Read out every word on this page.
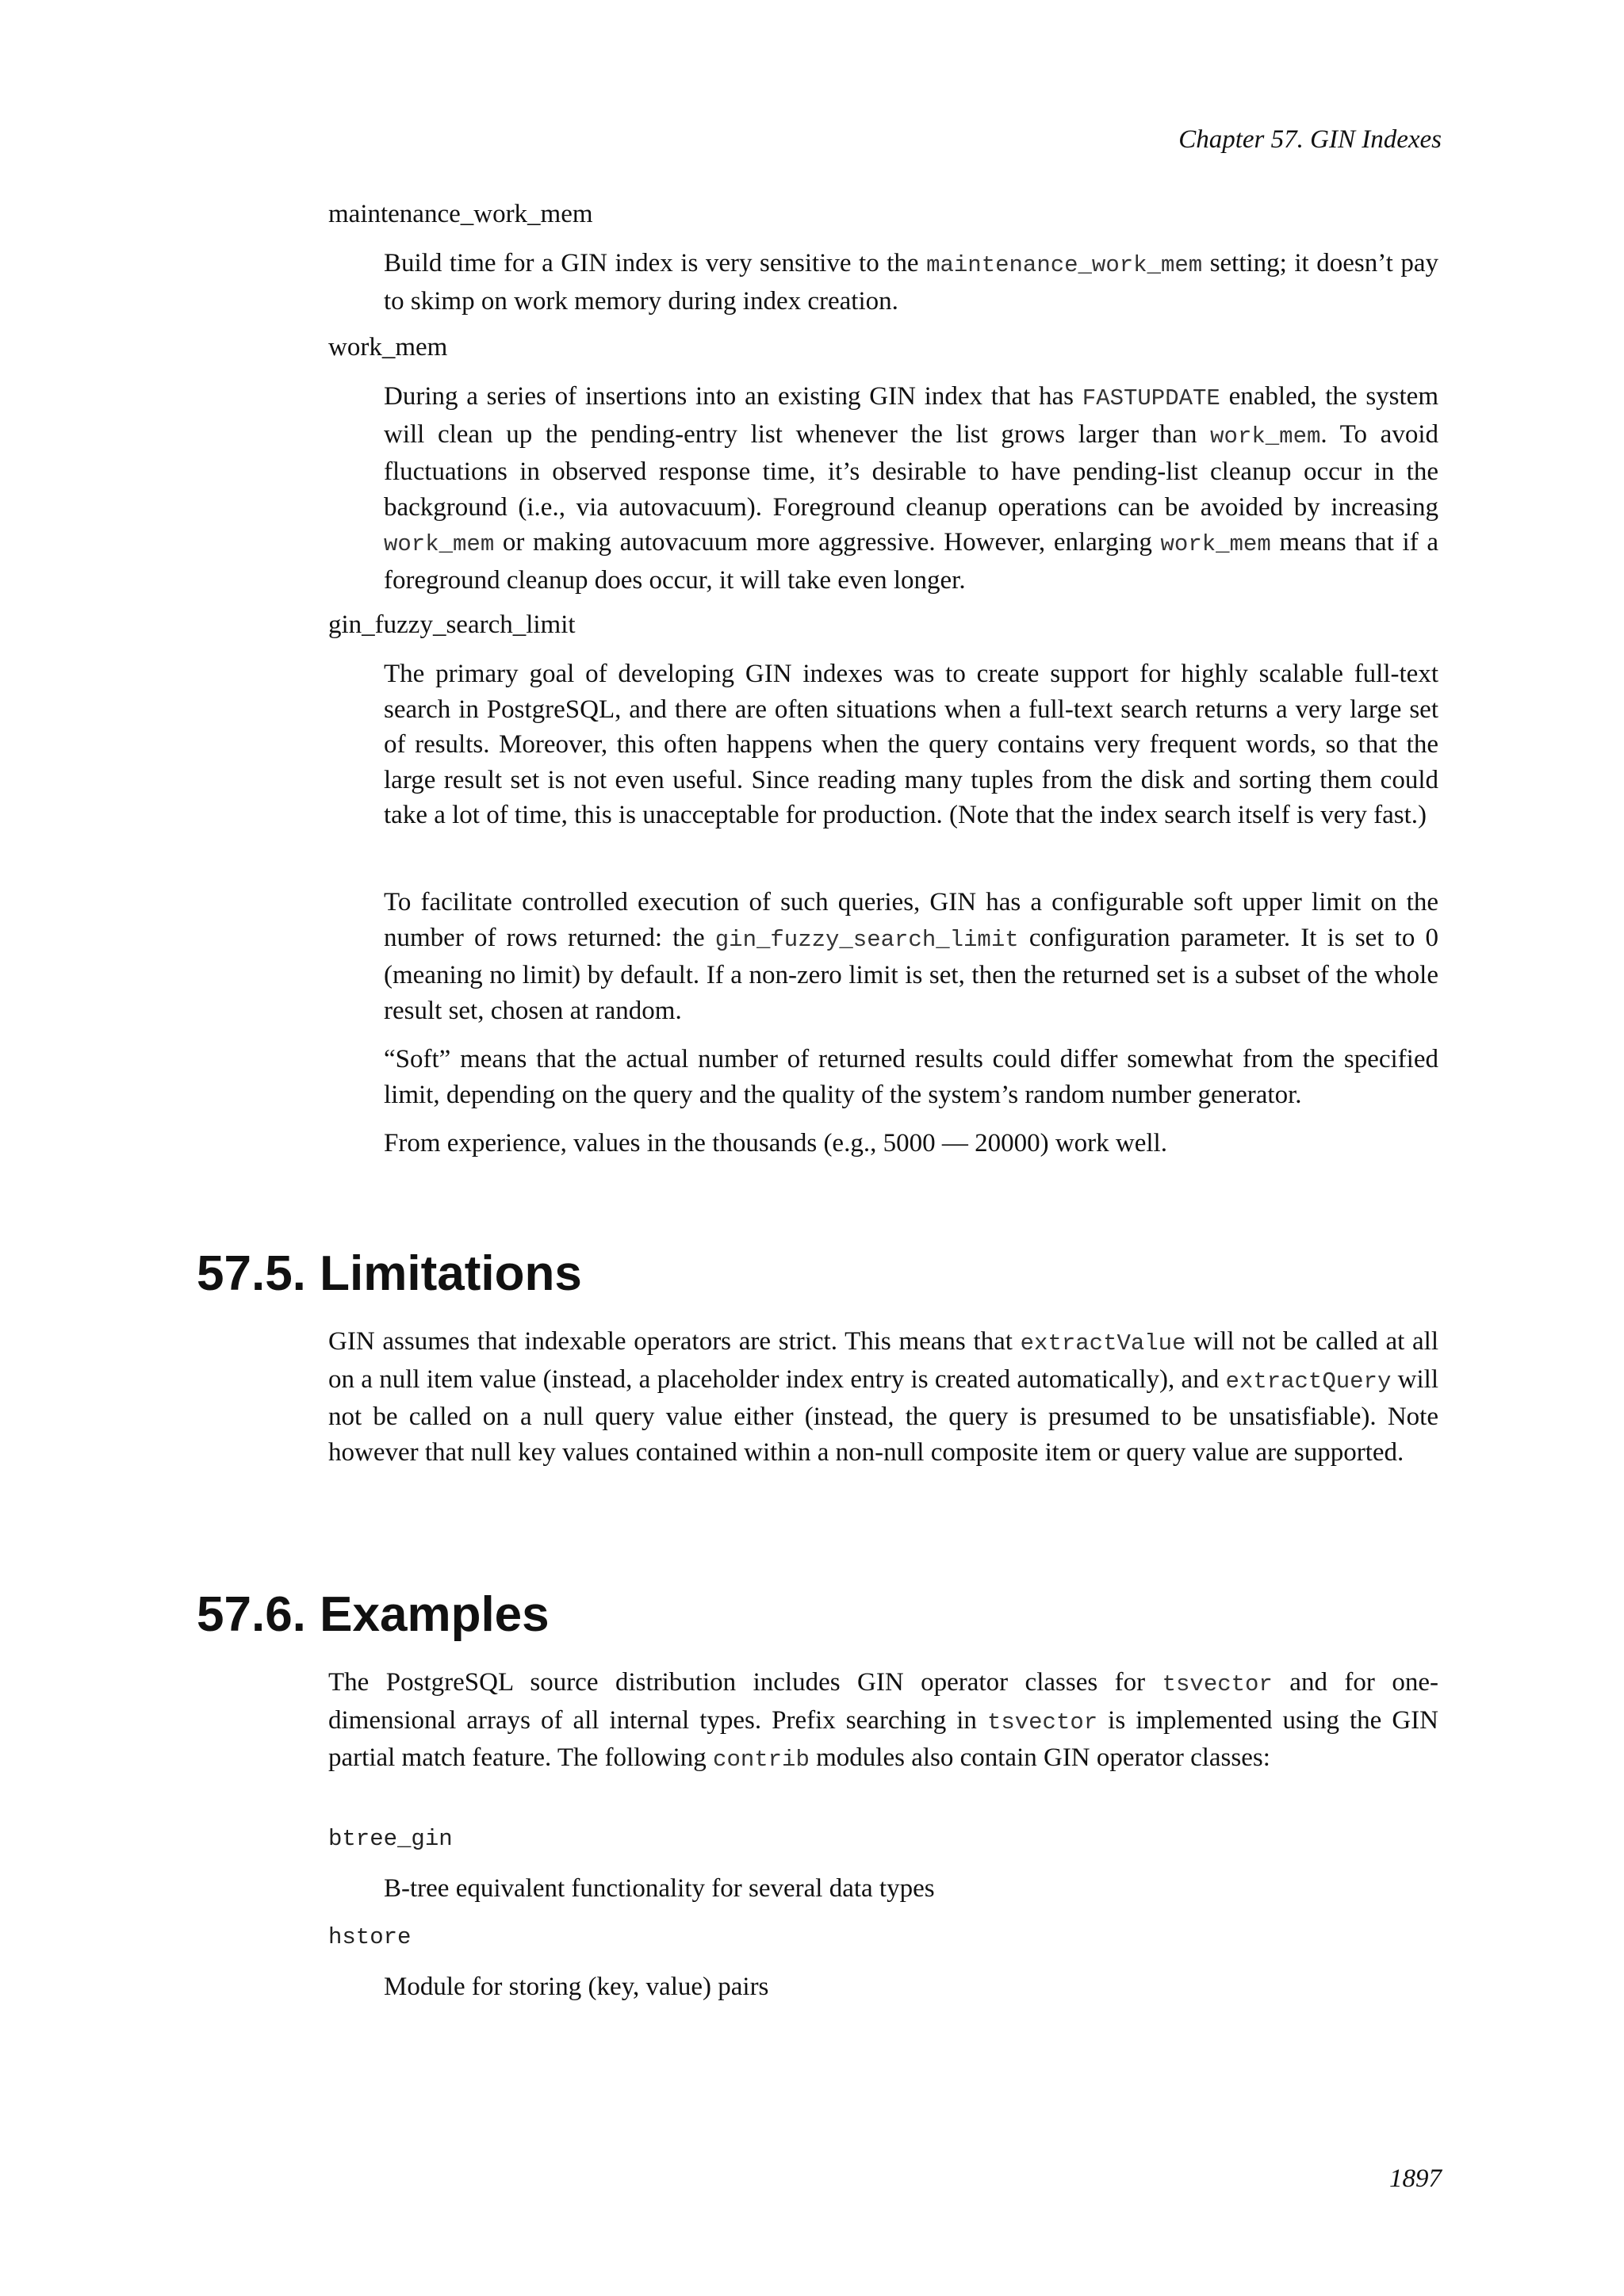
Chapter 57. GIN Indexes
maintenance_work_mem

Build time for a GIN index is very sensitive to the maintenance_work_mem setting; it doesn’t pay to skimp on work memory during index creation.

work_mem

During a series of insertions into an existing GIN index that has FASTUPDATE enabled, the system will clean up the pending-entry list whenever the list grows larger than work_mem. To avoid fluctuations in observed response time, it’s desirable to have pending-list cleanup occur in the background (i.e., via autovacuum). Foreground cleanup operations can be avoided by increasing work_mem or making autovacuum more aggressive. However, enlarging work_mem means that if a foreground cleanup does occur, it will take even longer.

gin_fuzzy_search_limit

The primary goal of developing GIN indexes was to create support for highly scalable full-text search in PostgreSQL, and there are often situations when a full-text search returns a very large set of results. Moreover, this often happens when the query contains very frequent words, so that the large result set is not even useful. Since reading many tuples from the disk and sorting them could take a lot of time, this is unacceptable for production. (Note that the index search itself is very fast.)

To facilitate controlled execution of such queries, GIN has a configurable soft upper limit on the number of rows returned: the gin_fuzzy_search_limit configuration parameter. It is set to 0 (meaning no limit) by default. If a non-zero limit is set, then the returned set is a subset of the whole result set, chosen at random.

“Soft” means that the actual number of returned results could differ somewhat from the specified limit, depending on the query and the quality of the system’s random number generator.

From experience, values in the thousands (e.g., 5000 — 20000) work well.

57.5. Limitations

GIN assumes that indexable operators are strict. This means that extractValue will not be called at all on a null item value (instead, a placeholder index entry is created automatically), and extractQuery will not be called on a null query value either (instead, the query is presumed to be unsatisfiable). Note however that null key values contained within a non-null composite item or query value are supported.

57.6. Examples

The PostgreSQL source distribution includes GIN operator classes for tsvector and for one-dimensional arrays of all internal types. Prefix searching in tsvector is implemented using the GIN partial match feature. The following contrib modules also contain GIN operator classes:

btree_gin

B-tree equivalent functionality for several data types

hstore

Module for storing (key, value) pairs

1897
